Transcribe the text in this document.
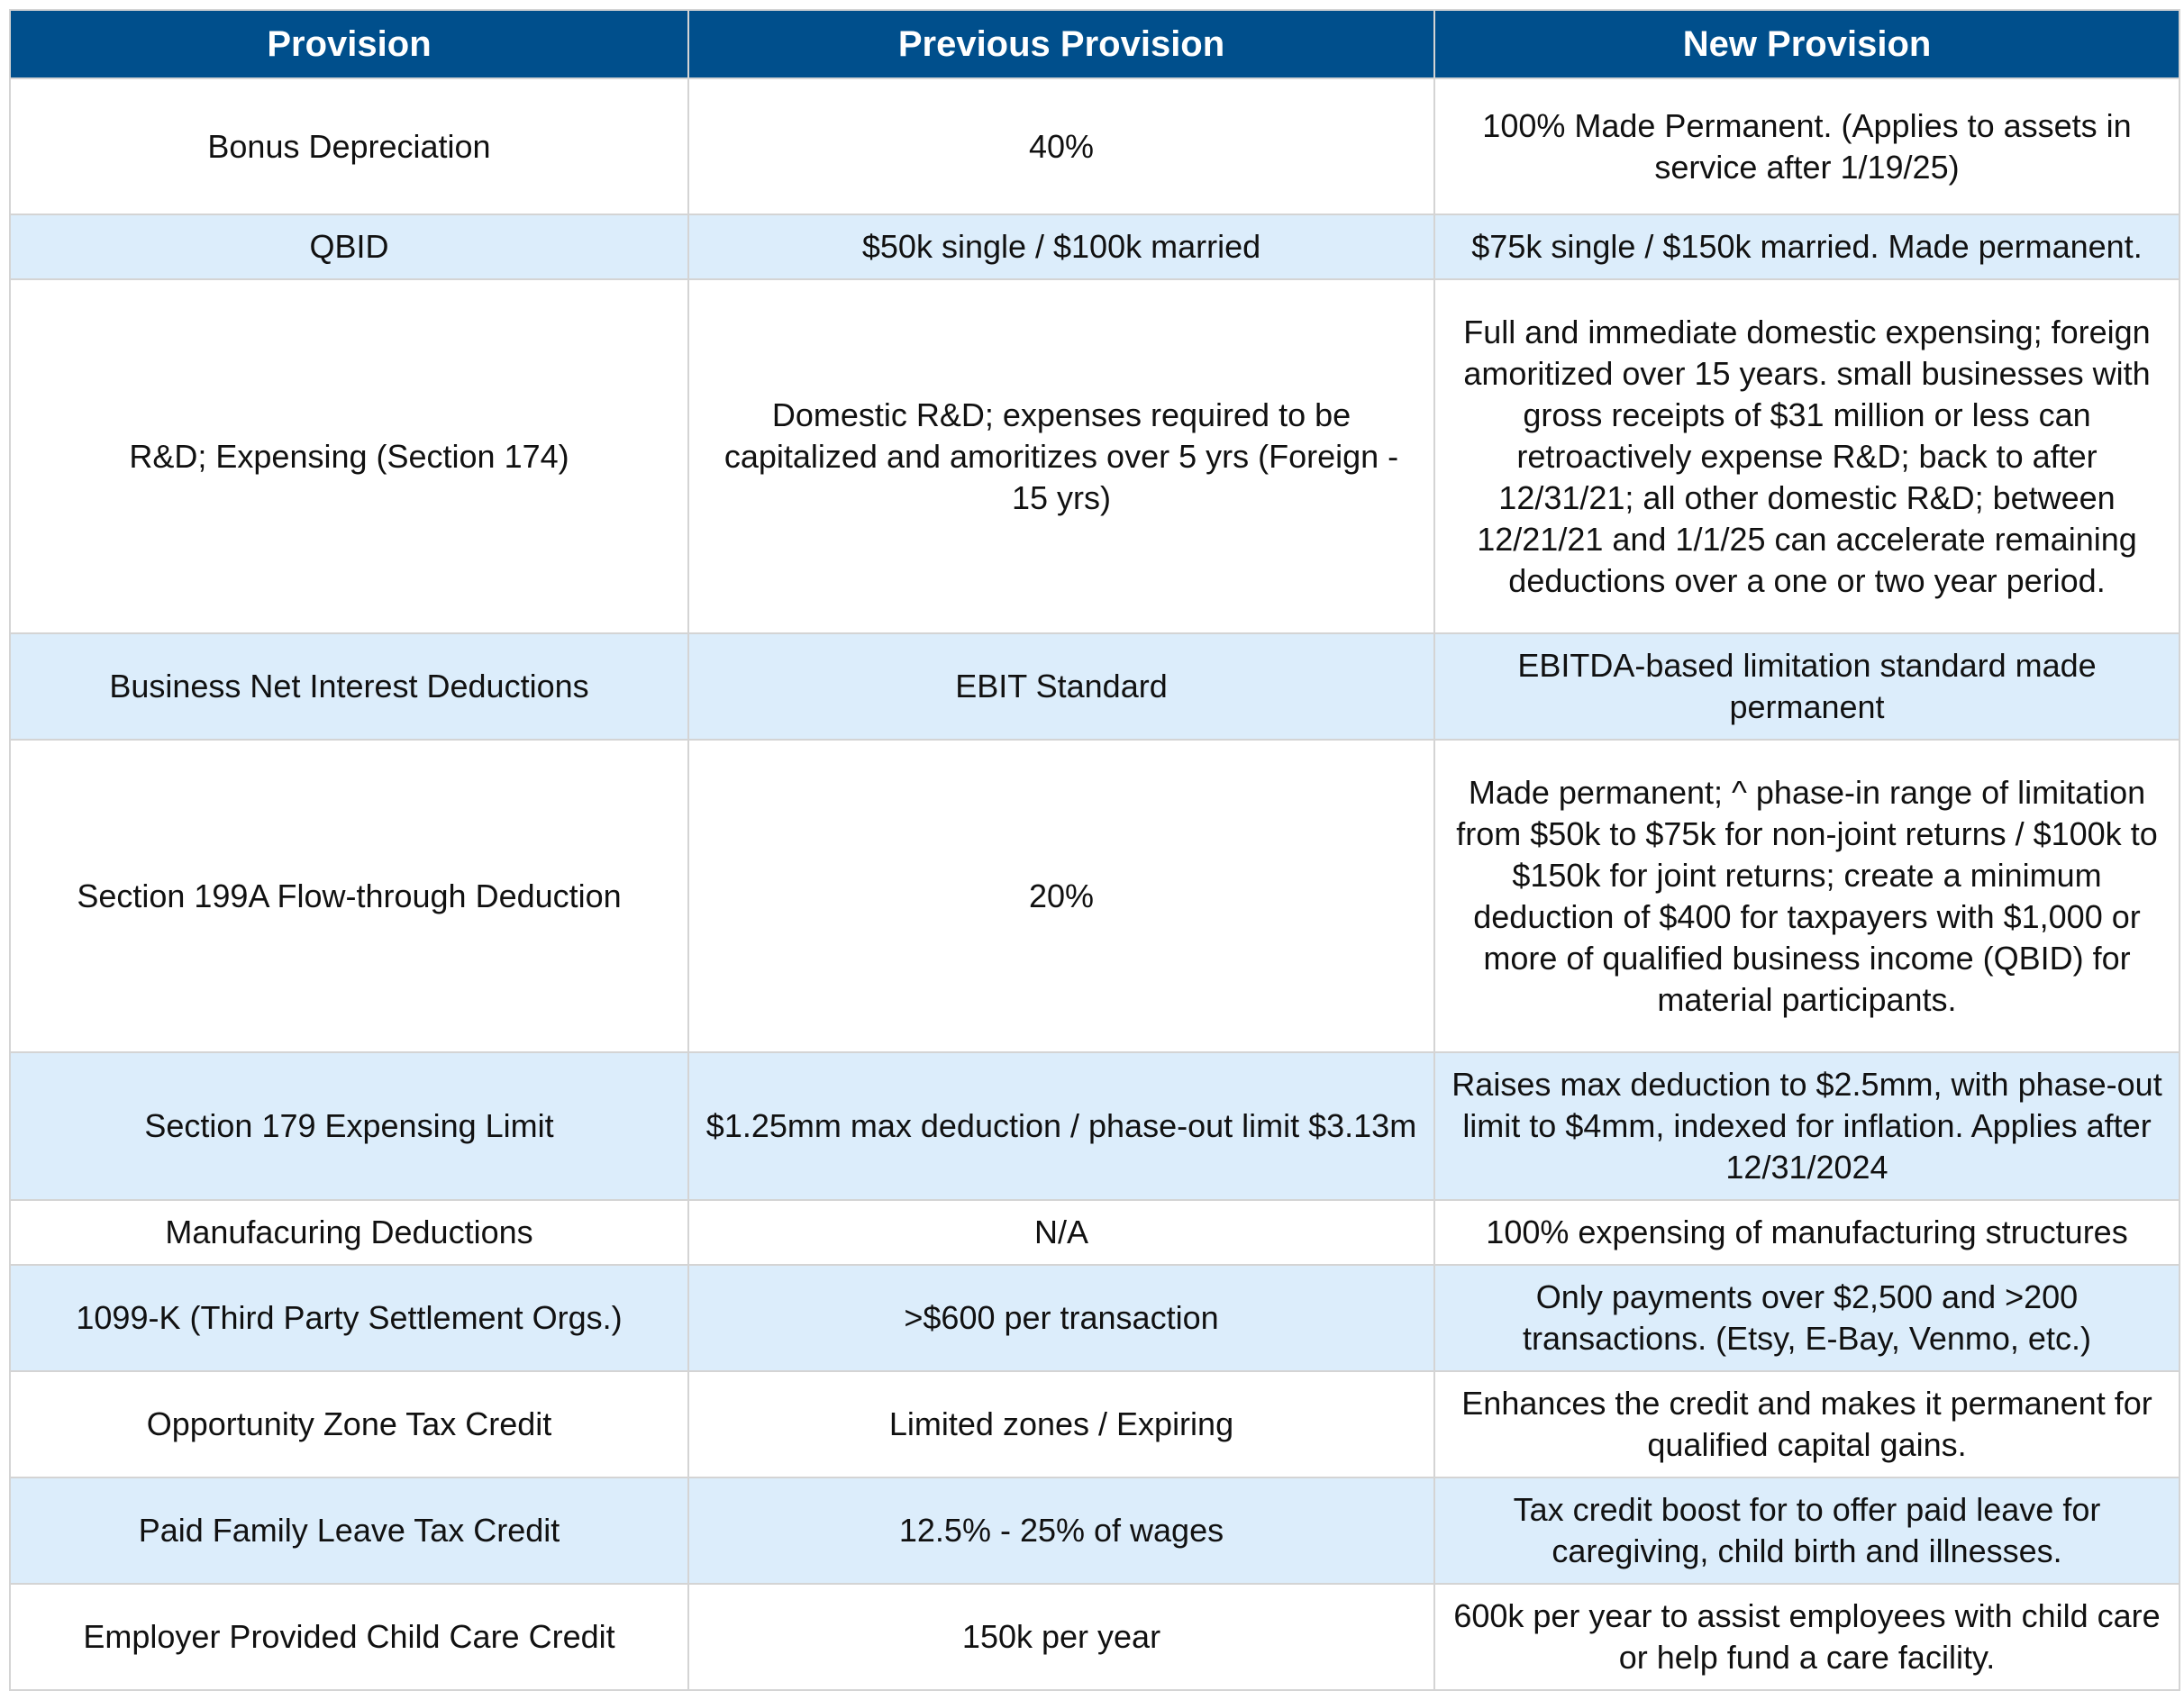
Provision	Previous Provision	New Provision
Bonus Depreciation	40%	100% Made Permanent. (Applies to assets in service after 1/19/25)
QBID	$50k single / $100k married	$75k single / $150k married. Made permanent.
R&D; Expensing (Section 174)	Domestic R&D; expenses required to be capitalized and amoritizes over 5 yrs (Foreign - 15 yrs)	Full and immediate domestic expensing; foreign amoritized over 15 years. small businesses with gross receipts of $31 million or less can retroactively expense R&D; back to after 12/31/21; all other domestic R&D; between 12/21/21 and 1/1/25 can accelerate remaining deductions over a one or two year period.
Business Net Interest Deductions	EBIT Standard	EBITDA-based limitation standard made permanent
Section 199A Flow-through Deduction	20%	Made permanent; ^ phase-in range of limitation from $50k to $75k for non-joint returns / $100k to $150k for joint returns; create a minimum deduction of $400 for taxpayers with $1,000 or more of qualified business income (QBID) for material participants.
Section 179 Expensing Limit	$1.25mm max deduction / phase-out limit $3.13m	Raises max deduction to $2.5mm, with phase-out limit to $4mm, indexed for inflation. Applies after 12/31/2024
Manufacuring Deductions	N/A	100% expensing of manufacturing structures
1099-K (Third Party Settlement Orgs.)	>$600 per transaction	Only payments over $2,500 and >200 transactions. (Etsy, E-Bay, Venmo, etc.)
Opportunity Zone Tax Credit	Limited zones / Expiring	Enhances the credit and makes it permanent for qualified capital gains.
Paid Family Leave Tax Credit	12.5% - 25% of wages	Tax credit boost for to offer paid leave for caregiving, child birth and illnesses.
Employer Provided Child Care Credit	150k per year	600k per year to assist employees with child care or help fund a care facility.
